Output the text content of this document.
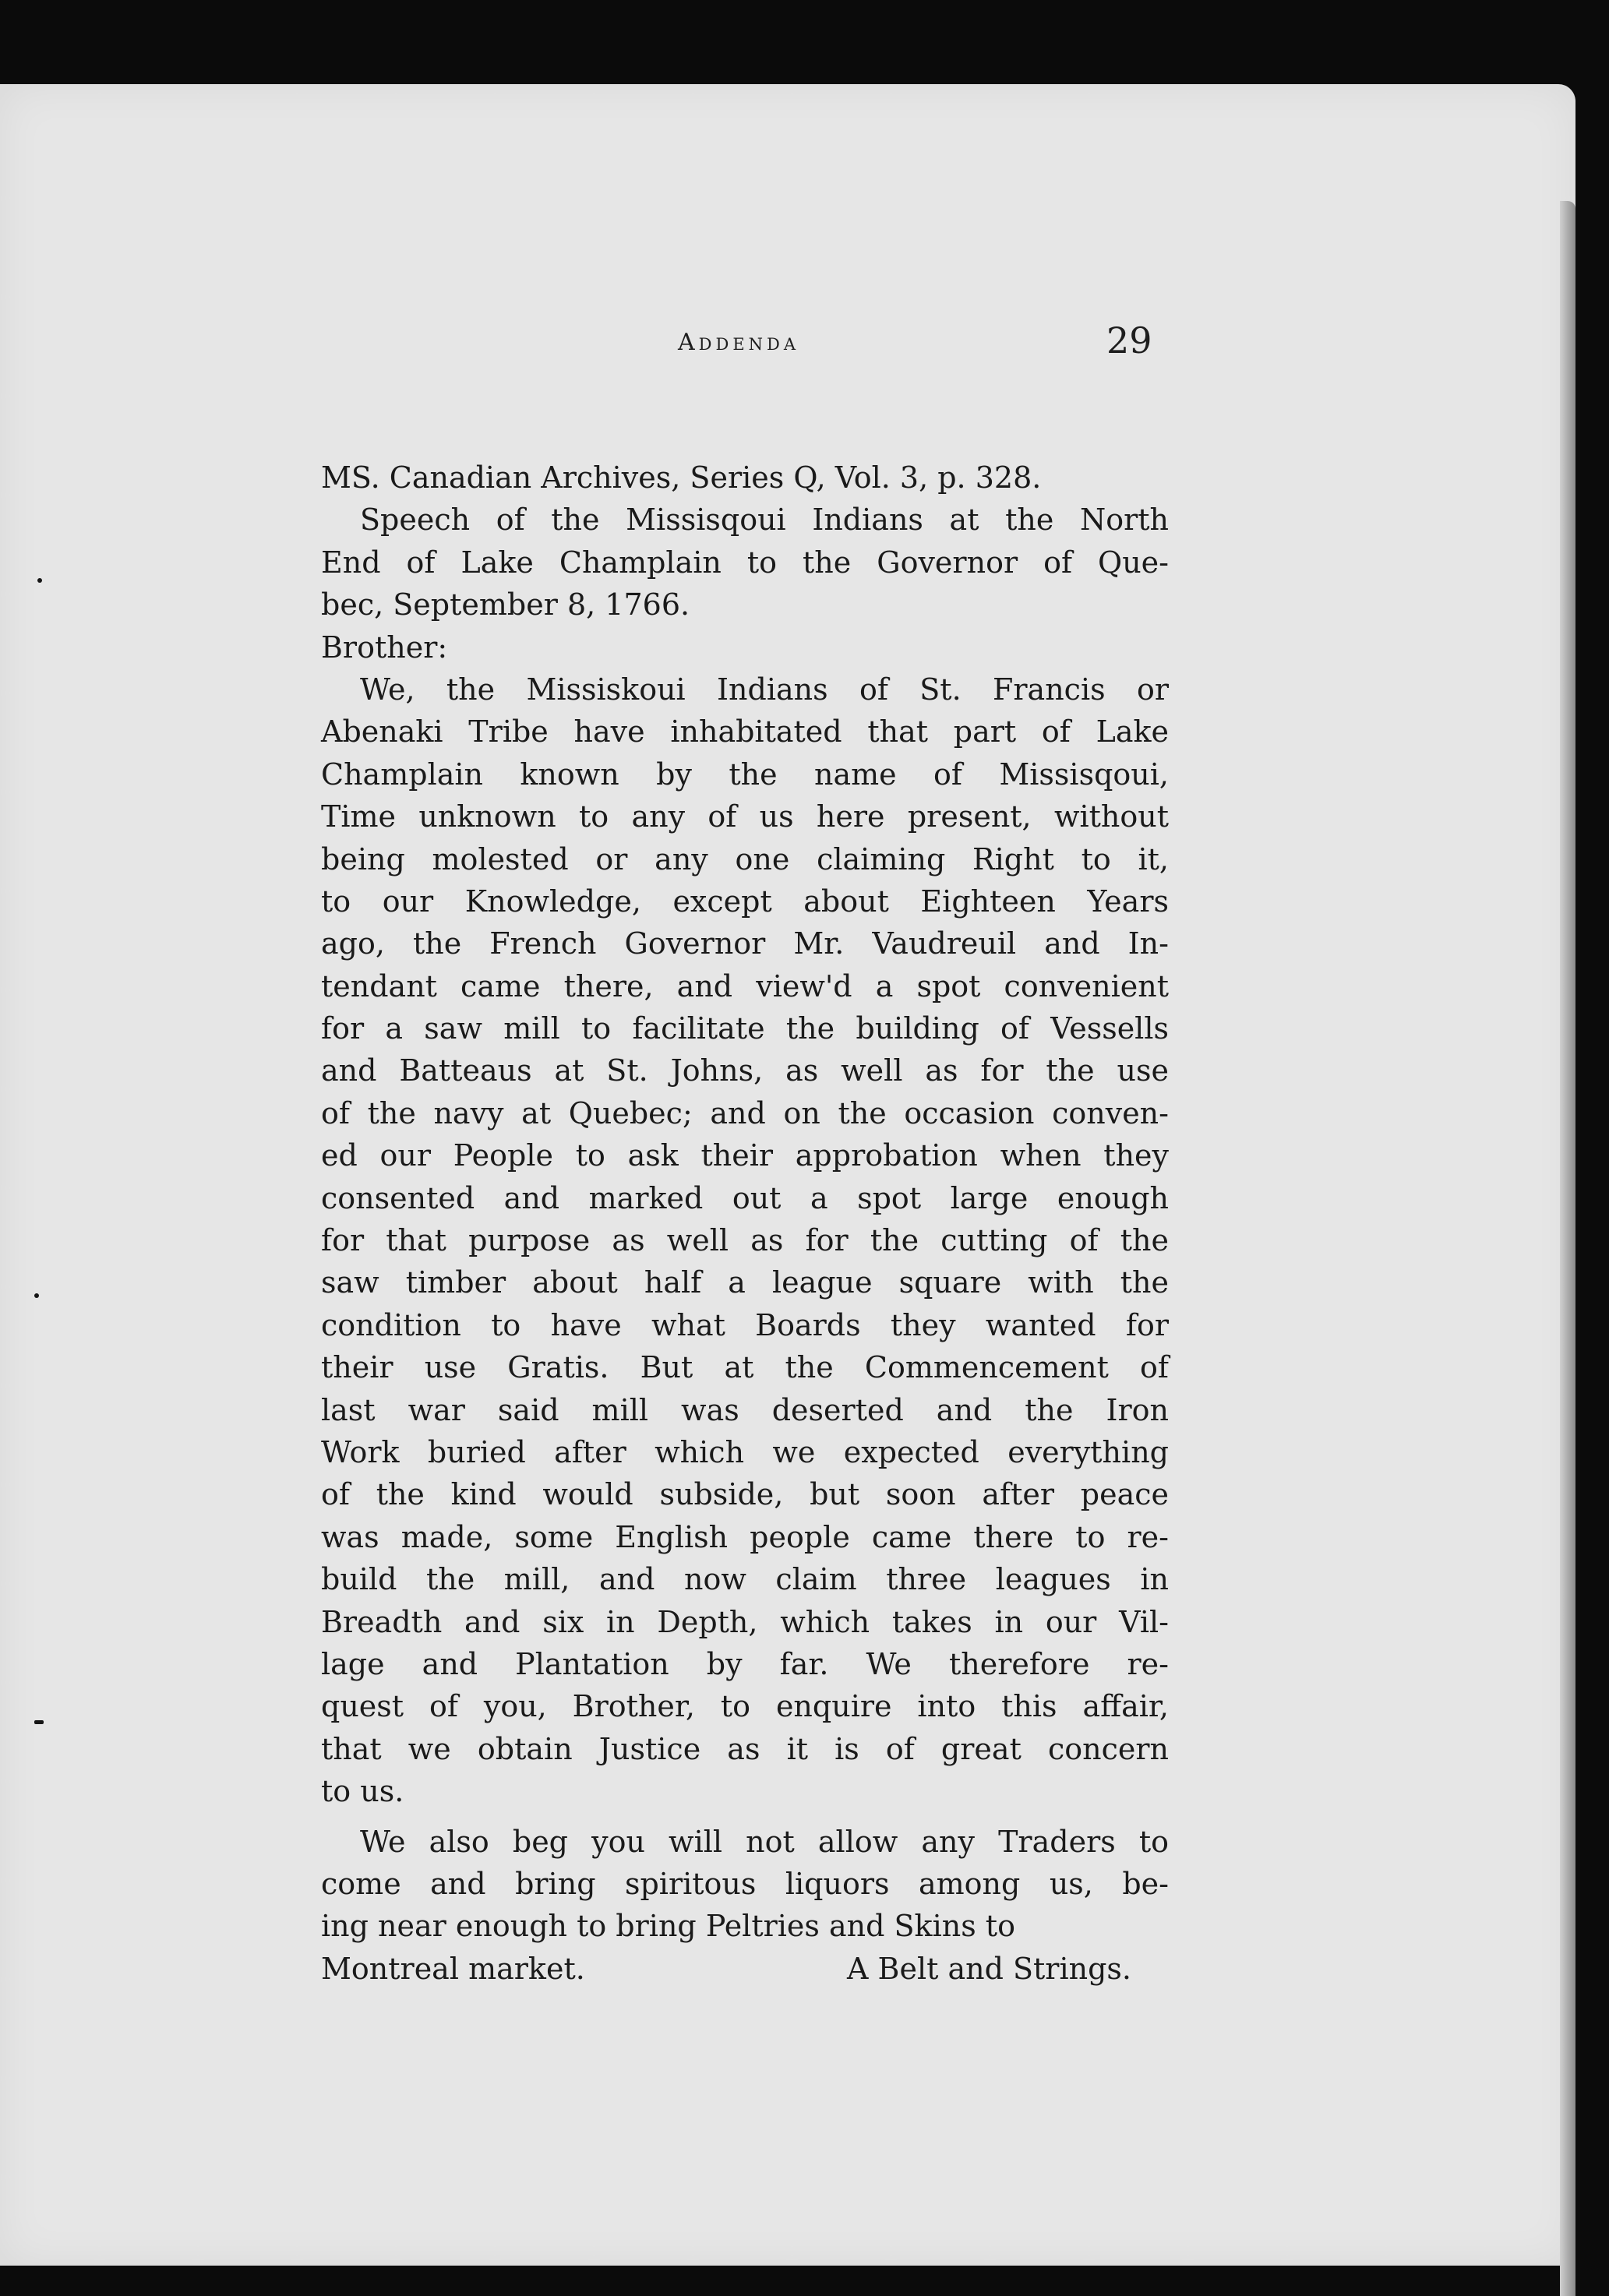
Addenda	29
MS. Canadian Archives, Series Q, Vol. 3, p. 328.
Speech of the Missisqoui Indians at the North
End of Lake Champlain to the Governor of Que-
bec, September 8, 1766.
Brother:
We, the Missiskoui Indians of St. Francis or
Abenaki Tribe have inhabitated that part of Lake
Champlain known by the name of Missisqoui,
Time unknown to any of us here present, without
being molested or any one claiming Right to it,
to our Knowledge, except about Eighteen Years
ago, the French Governor Mr. Vaudreuil and In-
tendant came there, and view'd a spot convenient
for a saw mill to facilitate the building of Vessells
and Batteaus at St. Johns, as well as for the use
of the navy at Quebec; and on the occasion conven-
ed our People to ask their approbation when they
consented and marked out a spot large enough
for that purpose as well as for the cutting of the
saw timber about half a league square with the
condition to have what Boards they wanted for
their use Gratis. But at the Commencement of
last war said mill was deserted and the Iron
Work buried after which we expected everything
of the kind would subside, but soon after peace
was made, some English people came there to re-
build the mill, and now claim three leagues in
Breadth and six in Depth, which takes in our Vil-
lage and Plantation by far. We therefore re-
quest of you, Brother, to enquire into this affair,
that we obtain Justice as it is of great concern
to us.
We also beg you will not allow any Traders to
come and bring spiritous liquors among us, be-
ing near enough to bring Peltries and Skins to
Montreal market.	A Belt and Strings.
